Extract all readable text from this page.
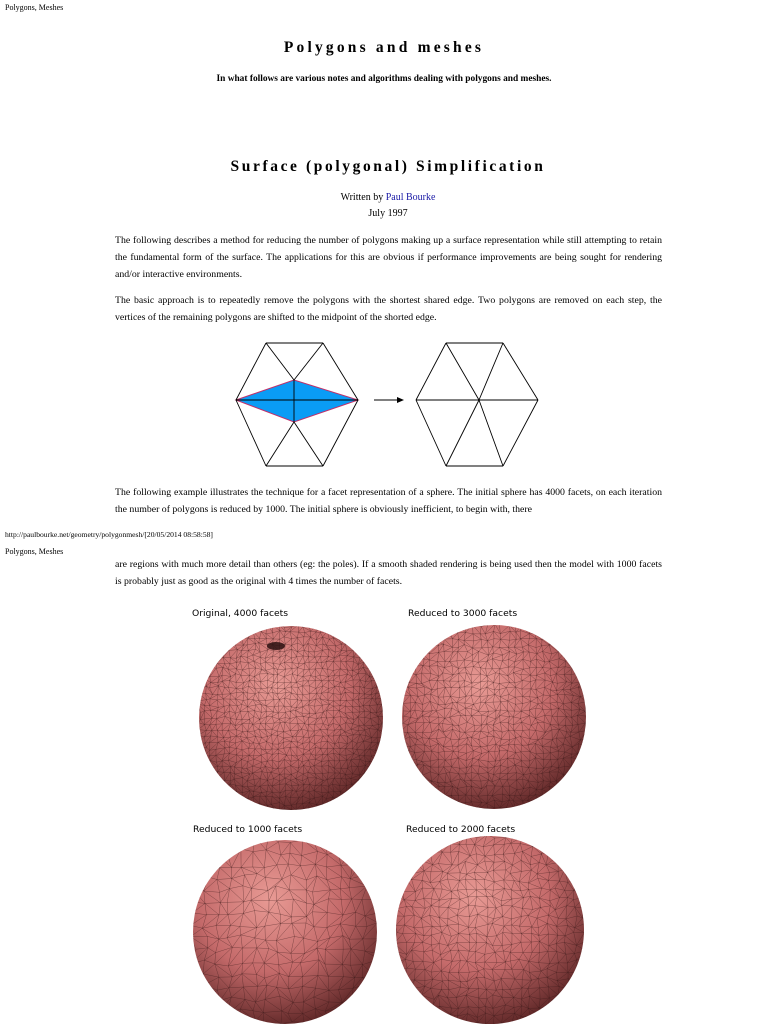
Polygons, Meshes
Polygons and meshes
In what follows are various notes and algorithms dealing with polygons and meshes.
Surface (polygonal) Simplification
Written by Paul Bourke
July 1997

The following describes a method for reducing the number of polygons making up a surface representation while still attempting to retain the fundamental form of the surface. The applications for this are obvious if performance improvements are being sought for rendering and/or interactive environments.

The basic approach is to repeatedly remove the polygons with the shortest shared edge. Two polygons are removed on each step, the vertices of the remaining polygons are shifted to the midpoint of the shorted edge.

The following example illustrates the technique for a facet representation of a sphere. The initial sphere has 4000 facets, on each iteration the number of polygons is reduced by 1000. The initial sphere is obviously inefficient, to begin with, there

http://paulbourke.net/geometry/polygonmesh/[20/05/2014 08:58:58]
Polygons, Meshes

are regions with much more detail than others (eg: the poles). If a smooth shaded rendering is being used then the model with 1000 facets is probably just as good as the original with 4 times the number of facets.

Original, 4000 facets	Reduced to 3000 facets
Reduced to 1000 facets	Reduced to 2000 facets
